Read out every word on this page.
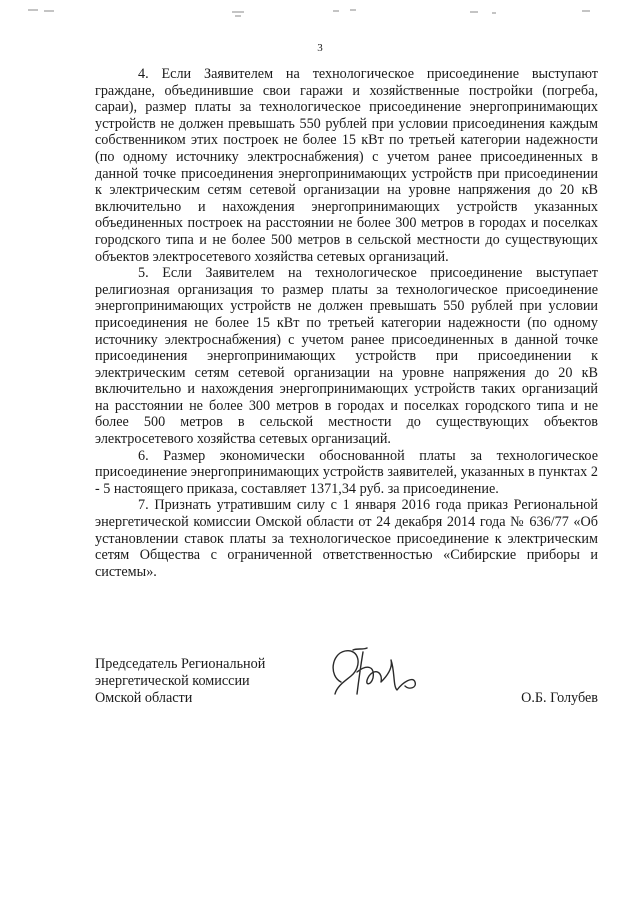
3

4. Если Заявителем на технологическое присоединение выступают граждане, объединившие свои гаражи и хозяйственные постройки (погреба, сараи), размер платы за технологическое присоединение энергопринимающих устройств не должен превышать 550 рублей при условии присоединения каждым собственником этих построек не более 15 кВт по третьей категории надежности (по одному источнику электроснабжения) с учетом ранее присоединенных в данной точке присоединения энергопринимающих устройств при присоединении к электрическим сетям сетевой организации на уровне напряжения до 20 кВ включительно и нахождения энергопринимающих устройств указанных объединенных построек на расстоянии не более 300 метров в городах и поселках городского типа и не более 500 метров в сельской местности до существующих объектов электросетевого хозяйства сетевых организаций.

5. Если Заявителем на технологическое присоединение выступает религиозная организация то размер платы за технологическое присоединение энергопринимающих устройств не должен превышать 550 рублей при условии присоединения не более 15 кВт по третьей категории надежности (по одному источнику электроснабжения) с учетом ранее присоединенных в данной точке присоединения энергопринимающих устройств при присоединении к электрическим сетям сетевой организации на уровне напряжения до 20 кВ включительно и нахождения энергопринимающих устройств таких организаций на расстоянии не более 300 метров в городах и поселках городского типа и не более 500 метров в сельской местности до существующих объектов электросетевого хозяйства сетевых организаций.

6. Размер экономически обоснованной платы за технологическое присоединение энергопринимающих устройств заявителей, указанных в пунктах 2 - 5 настоящего приказа, составляет 1371,34 руб. за присоединение.

7. Признать утратившим силу с 1 января 2016 года приказ Региональной энергетической комиссии Омской области от 24 декабря 2014 года № 636/77 «Об установлении ставок платы за технологическое присоединение к электрическим сетям Общества с ограниченной ответственностью «Сибирские приборы и системы».

Председатель Региональной
энергетической комиссии
Омской области	О.Б. Голубев
